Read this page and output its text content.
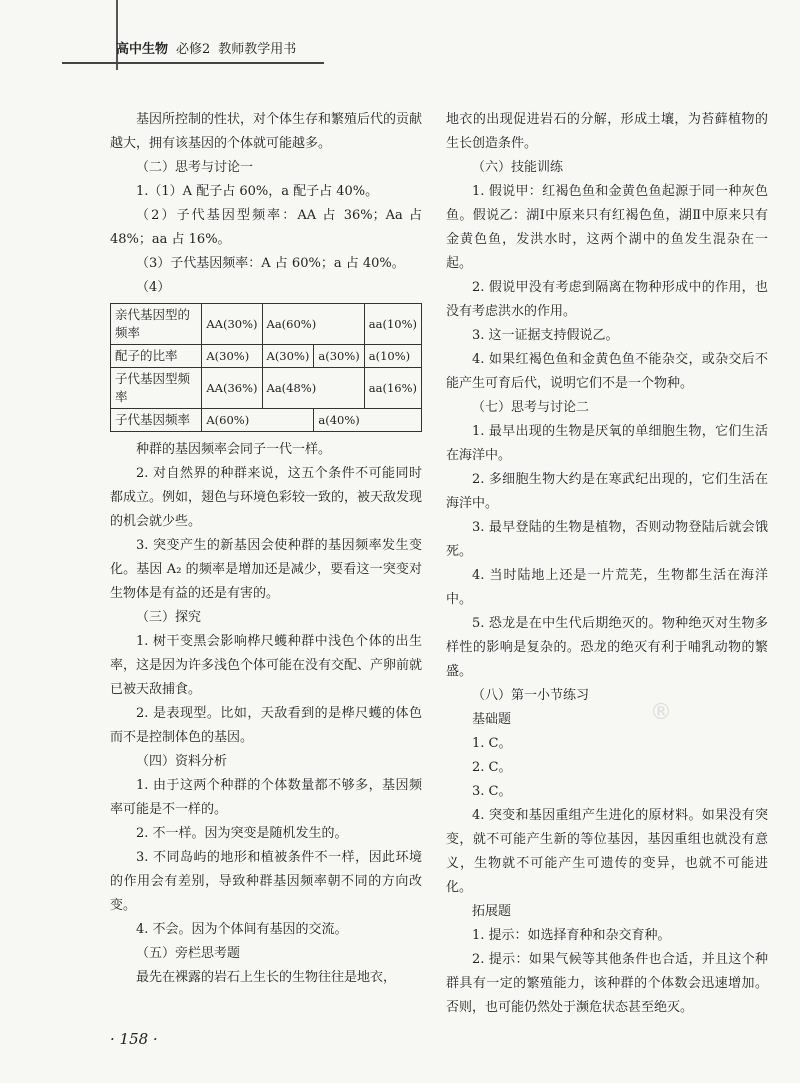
高中生物 必修2 教师教学用书

基因所控制的性状，对个体生存和繁殖后代的贡献越大，拥有该基因的个体就可能越多。

（二）思考与讨论一

1.（1）A 配子占 60%，a 配子占 40%。

（2）子代基因型频率：AA 占 36%；Aa 占 48%；aa 占 16%。

（3）子代基因频率：A 占 60%；a 占 40%。

（4）

亲代基因型的频率	AA(30%)	Aa(60%)		aa(10%)
配子的比率	A(30%)	A(30%)	a(30%)	a(10%)
子代基因型频率	AA(36%)	Aa(48%)		aa(16%)
子代基因频率	A(60%)		a(40%)	

种群的基因频率会同子一代一样。

2. 对自然界的种群来说，这五个条件不可能同时都成立。例如，翅色与环境色彩较一致的，被天敌发现的机会就少些。

3. 突变产生的新基因会使种群的基因频率发生变化。基因 A₂ 的频率是增加还是减少，要看这一突变对生物体是有益的还是有害的。

（三）探究

1. 树干变黑会影响桦尺蠖种群中浅色个体的出生率，这是因为许多浅色个体可能在没有交配、产卵前就已被天敌捕食。

2. 是表现型。比如，天敌看到的是桦尺蠖的体色而不是控制体色的基因。

（四）资料分析

1. 由于这两个种群的个体数量都不够多，基因频率可能是不一样的。

2. 不一样。因为突变是随机发生的。

3. 不同岛屿的地形和植被条件不一样，因此环境的作用会有差别，导致种群基因频率朝不同的方向改变。

4. 不会。因为个体间有基因的交流。

（五）旁栏思考题

最先在裸露的岩石上生长的生物往往是地衣，

地衣的出现促进岩石的分解，形成土壤，为苔藓植物的生长创造条件。

（六）技能训练

1. 假说甲：红褐色鱼和金黄色鱼起源于同一种灰色鱼。假说乙：湖Ⅰ中原来只有红褐色鱼，湖Ⅱ中原来只有金黄色鱼，发洪水时，这两个湖中的鱼发生混杂在一起。

2. 假说甲没有考虑到隔离在物种形成中的作用，也没有考虑洪水的作用。

3. 这一证据支持假说乙。

4. 如果红褐色鱼和金黄色鱼不能杂交，或杂交后不能产生可育后代，说明它们不是一个物种。

（七）思考与讨论二

1. 最早出现的生物是厌氧的单细胞生物，它们生活在海洋中。

2. 多细胞生物大约是在寒武纪出现的，它们生活在海洋中。

3. 最早登陆的生物是植物，否则动物登陆后就会饿死。

4. 当时陆地上还是一片荒芜，生物都生活在海洋中。

5. 恐龙是在中生代后期绝灭的。物种绝灭对生物多样性的影响是复杂的。恐龙的绝灭有利于哺乳动物的繁盛。

（八）第一小节练习

基础题

1. C。

2. C。

3. C。

4. 突变和基因重组产生进化的原材料。如果没有突变，就不可能产生新的等位基因，基因重组也就没有意义，生物就不可能产生可遗传的变异，也就不可能进化。

拓展题

1. 提示：如选择育种和杂交育种。

2. 提示：如果气候等其他条件也合适，并且这个种群具有一定的繁殖能力，该种群的个体数会迅速增加。否则，也可能仍然处于濒危状态甚至绝灭。

®
· 158 ·
